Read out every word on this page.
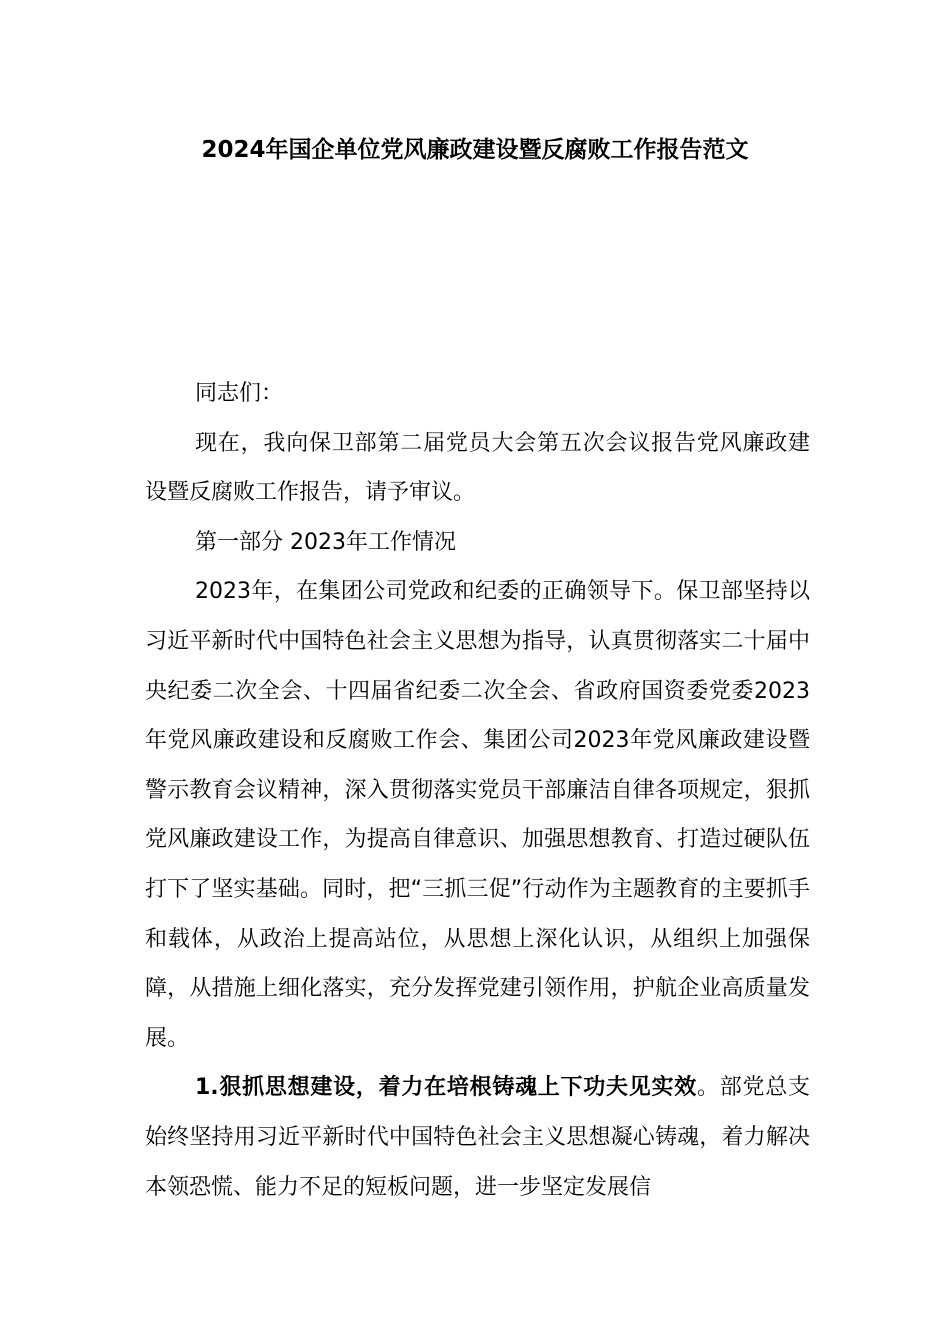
2024年国企单位党风廉政建设暨反腐败工作报告范文

同志们：

现在，我向保卫部第二届党员大会第五次会议报告党风廉政建设暨反腐败工作报告，请予审议。

第一部分 2023年工作情况

2023年，在集团公司党政和纪委的正确领导下。保卫部坚持以习近平新时代中国特色社会主义思想为指导，认真贯彻落实二十届中央纪委二次全会、十四届省纪委二次全会、省政府国资委党委2023年党风廉政建设和反腐败工作会、集团公司2023年党风廉政建设暨警示教育会议精神，深入贯彻落实党员干部廉洁自律各项规定，狠抓党风廉政建设工作，为提高自律意识、加强思想教育、打造过硬队伍打下了坚实基础。同时，把“三抓三促”行动作为主题教育的主要抓手和载体，从政治上提高站位，从思想上深化认识，从组织上加强保障，从措施上细化落实，充分发挥党建引领作用，护航企业高质量发展。

1.狠抓思想建设，着力在培根铸魂上下功夫见实效。部党总支始终坚持用习近平新时代中国特色社会主义思想凝心铸魂，着力解决本领恐慌、能力不足的短板问题，进一步坚定发展信
